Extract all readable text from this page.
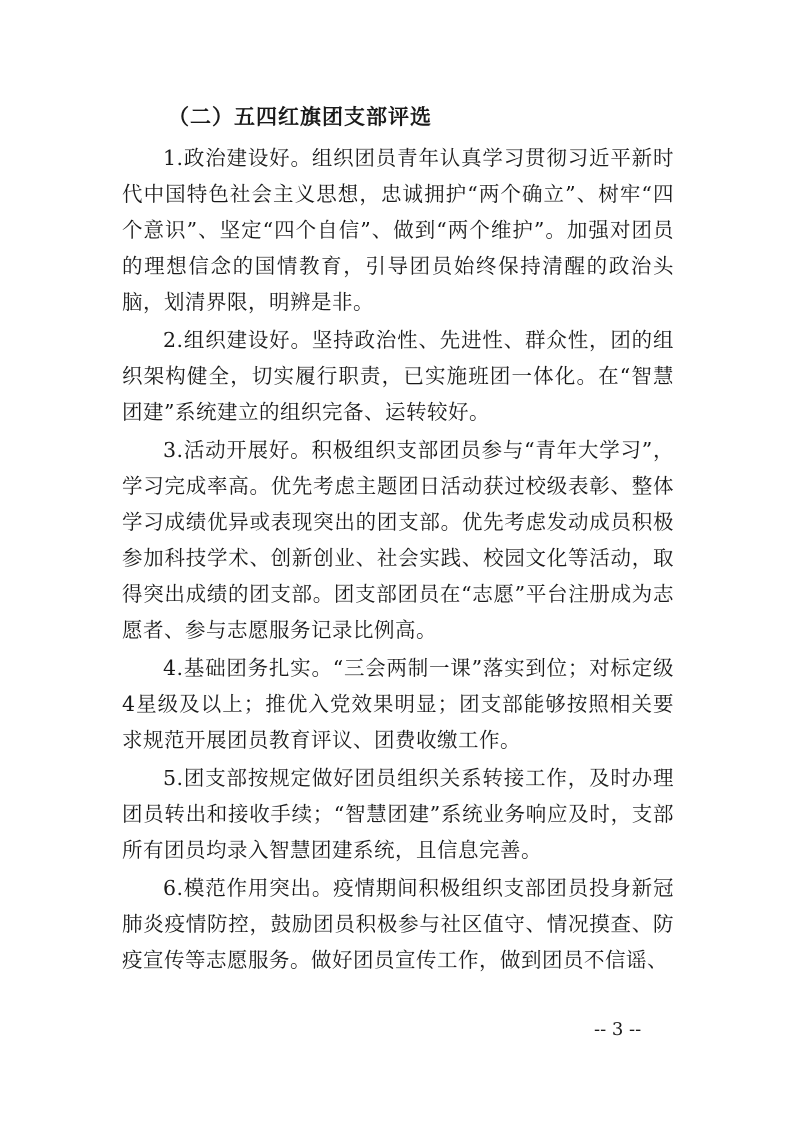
（二）五四红旗团支部评选

1.政治建设好。组织团员青年认真学习贯彻习近平新时代中国特色社会主义思想，忠诚拥护“两个确立”、树牢“四个意识”、坚定“四个自信”、做到“两个维护”。加强对团员的理想信念的国情教育，引导团员始终保持清醒的政治头脑，划清界限，明辨是非。

2.组织建设好。坚持政治性、先进性、群众性，团的组织架构健全，切实履行职责，已实施班团一体化。在“智慧团建”系统建立的组织完备、运转较好。

3.活动开展好。积极组织支部团员参与“青年大学习”，学习完成率高。优先考虑主题团日活动获过校级表彰、整体学习成绩优异或表现突出的团支部。优先考虑发动成员积极参加科技学术、创新创业、社会实践、校园文化等活动，取得突出成绩的团支部。团支部团员在“志愿”平台注册成为志愿者、参与志愿服务记录比例高。

4.基础团务扎实。“三会两制一课”落实到位；对标定级4星级及以上；推优入党效果明显；团支部能够按照相关要求规范开展团员教育评议、团费收缴工作。

5.团支部按规定做好团员组织关系转接工作，及时办理团员转出和接收手续；“智慧团建”系统业务响应及时，支部所有团员均录入智慧团建系统，且信息完善。

6.模范作用突出。疫情期间积极组织支部团员投身新冠肺炎疫情防控，鼓励团员积极参与社区值守、情况摸查、防疫宣传等志愿服务。做好团员宣传工作，做到团员不信谣、

-- 3 --
